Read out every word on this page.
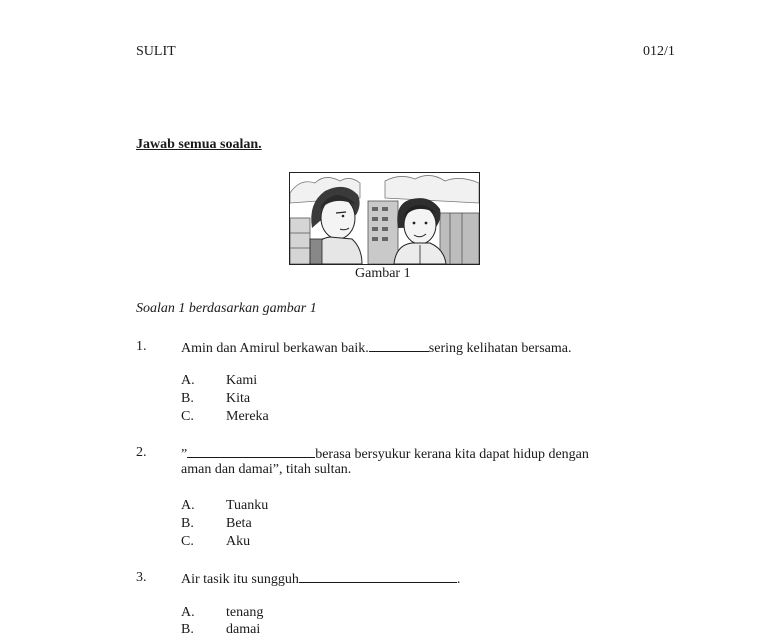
SULIT	012/1
Jawab semua soalan.
Gambar 1
Soalan 1 berdasarkan gambar 1
1. Amin dan Amirul berkawan baik.	sering kelihatan bersama.
A. Kami
B. Kita
C. Mereka
2. ”	berasa bersyukur kerana kita dapat hidup dengan
aman dan damai”, titah sultan.
A. Tuanku
B. Beta
C. Aku
3. Air tasik itu sungguh	.
A. tenang
B. damai
